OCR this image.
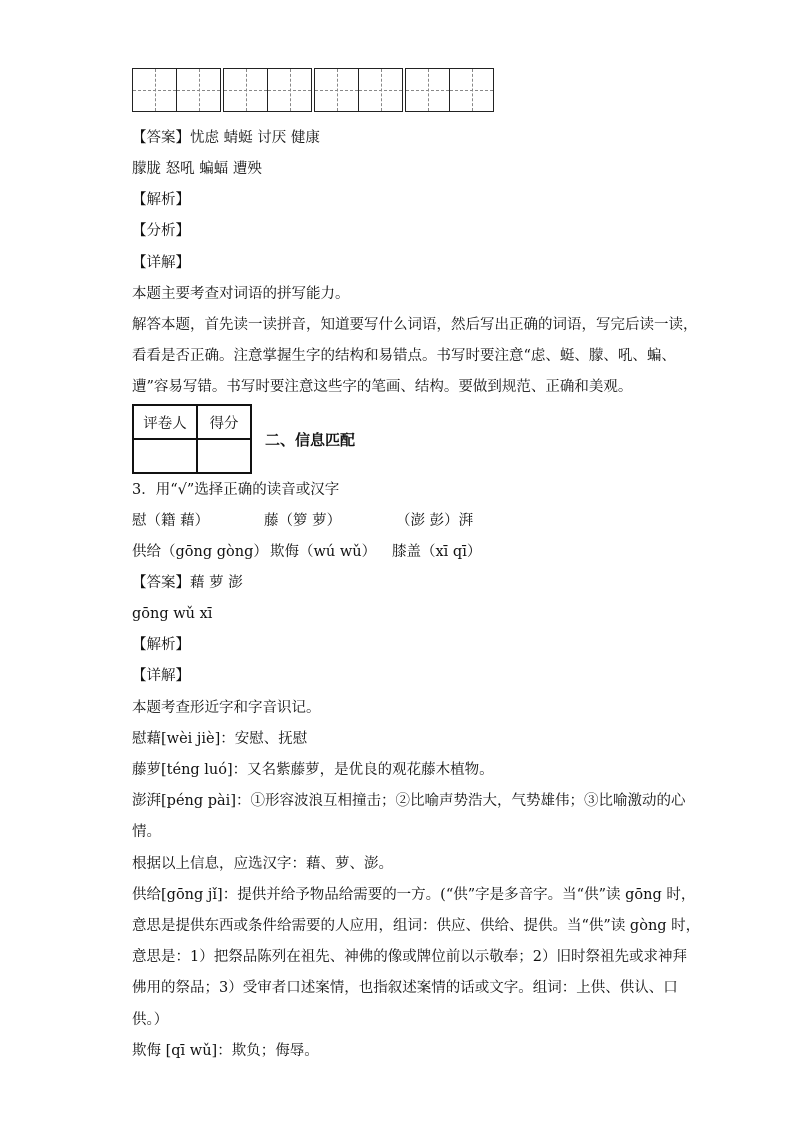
【答案】忧虑 蜻蜓 讨厌 健康

朦胧 怒吼 蝙蝠 遭殃

【解析】

【分析】

【详解】

本题主要考查对词语的拼写能力。

解答本题，首先读一读拼音，知道要写什么词语，然后写出正确的词语，写完后读一读，

看看是否正确。注意掌握生字的结构和易错点。书写时要注意“虑、蜓、朦、吼、蝙、

遭”容易写错。书写时要注意这些字的笔画、结构。要做到规范、正确和美观。

评卷人	得分

二、信息匹配

3．用“√”选择正确的读音或汉字

慰（籍 藉）	藤（箩 萝）	（澎 彭）湃

供给（gōng gòng） 欺侮（wú wǔ） 膝盖（xī qī）

【答案】藉 萝 澎

gōng wǔ xī

【解析】

【详解】

本题考查形近字和字音识记。

慰藉[wèi jiè]：安慰、抚慰

藤萝[téng luó]：又名紫藤萝，是优良的观花藤木植物。

澎湃[péng pài]：①形容波浪互相撞击；②比喻声势浩大，气势雄伟；③比喻激动的心

情。

根据以上信息，应选汉字：藉、萝、澎。

供给[gōng jǐ]：提供并给予物品给需要的一方。(“供”字是多音字。当“供”读 gōng 时，

意思是提供东西或条件给需要的人应用，组词：供应、供给、提供。当“供”读 gòng 时，

意思是：1）把祭品陈列在祖先、神佛的像或牌位前以示敬奉；2）旧时祭祖先或求神拜

佛用的祭品；3）受审者口述案情，也指叙述案情的话或文字。组词：上供、供认、口

供。）

欺侮 [qī wǔ]：欺负；侮辱。
